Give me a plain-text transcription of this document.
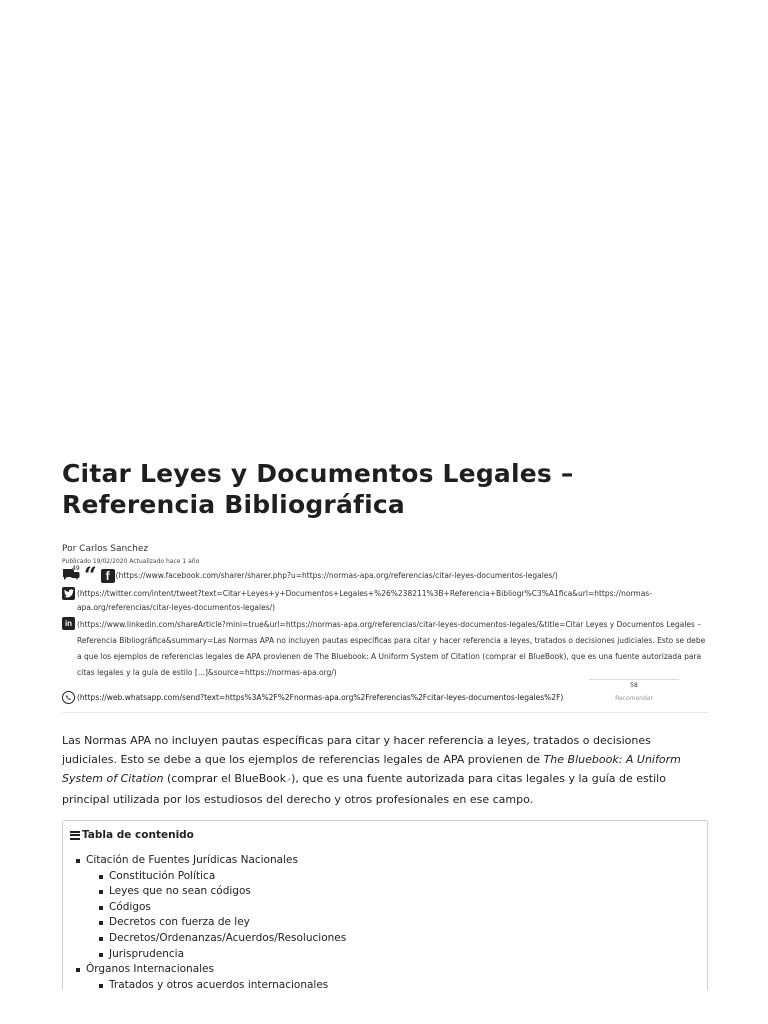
Citar Leyes y Documentos Legales – Referencia Bibliográfica
Por Carlos Sanchez
Publicado 19/02/2020 Actualizado hace 1 año
49 “ f (https://www.facebook.com/sharer/sharer.php?u=https://normas-apa.org/referencias/citar-leyes-documentos-legales/)
(https://twitter.com/intent/tweet?text=Citar+Leyes+y+Documentos+Legales+%26%238211%3B+Referencia+Bibliogr%C3%A1fica&url=https://normas-apa.org/referencias/citar-leyes-documentos-legales/)
in (https://www.linkedin.com/shareArticle?mini=true&url=https://normas-apa.org/referencias/citar-leyes-documentos-legales/&title=Citar Leyes y Documentos Legales – Referencia Bibliográfica&summary=Las Normas APA no incluyen pautas específicas para citar y hacer referencia a leyes, tratados o decisiones judiciales. Esto se debe a que los ejemplos de referencias legales de APA provienen de The Bluebook: A Uniform System of Citation (comprar el BlueBook), que es una fuente autorizada para citas legales y la guía de estilo [...]&source=https://normas-apa.org/)
(https://web.whatsapp.com/send?text=https%3A%2F%2Fnormas-apa.org%2Freferencias%2Fcitar-leyes-documentos-legales%2F)
58
Recomendar

Las Normas APA no incluyen pautas específicas para citar y hacer referencia a leyes, tratados o decisiones judiciales. Esto se debe a que los ejemplos de referencias legales de APA provienen de The Bluebook: A Uniform System of Citation (comprar el BlueBook↗), que es una fuente autorizada para citas legales y la guía de estilo principal utilizada por los estudiosos del derecho y otros profesionales en ese campo.

Tabla de contenido
Citación de Fuentes Jurídicas Nacionales
Constitución Política
Leyes que no sean códigos
Códigos
Decretos con fuerza de ley
Decretos/Ordenanzas/Acuerdos/Resoluciones
Jurisprudencia
Órganos Internacionales
Tratados y otros acuerdos internacionales
